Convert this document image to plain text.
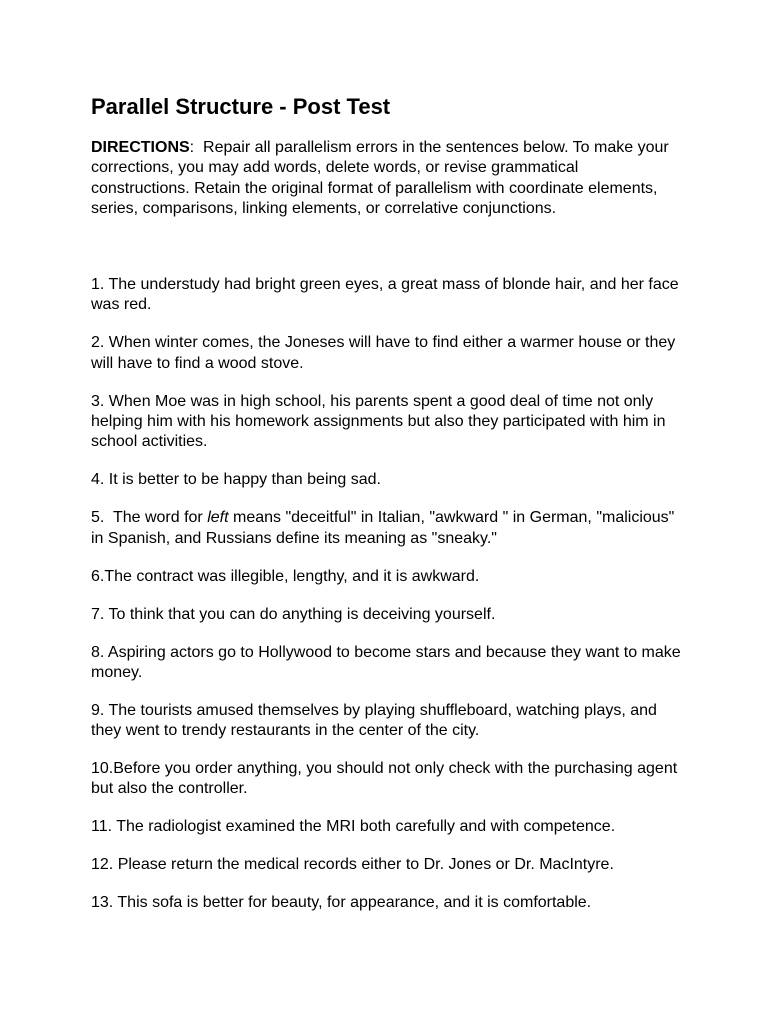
Parallel Structure - Post Test

DIRECTIONS:  Repair all parallelism errors in the sentences below. To make your corrections, you may add words, delete words, or revise grammatical constructions. Retain the original format of parallelism with coordinate elements, series, comparisons, linking elements, or correlative conjunctions.

1. The understudy had bright green eyes, a great mass of blonde hair, and her face was red.

2. When winter comes, the Joneses will have to find either a warmer house or they will have to find a wood stove.

3. When Moe was in high school, his parents spent a good deal of time not only helping him with his homework assignments but also they participated with him in school activities.

4. It is better to be happy than being sad.

5.  The word for left means "deceitful" in Italian, "awkward " in German, "malicious" in Spanish, and Russians define its meaning as "sneaky."

6.The contract was illegible, lengthy, and it is awkward.

7. To think that you can do anything is deceiving yourself.

8. Aspiring actors go to Hollywood to become stars and because they want to make money.

9. The tourists amused themselves by playing shuffleboard, watching plays, and they went to trendy restaurants in the center of the city.

10.Before you order anything, you should not only check with the purchasing agent but also the controller.

11. The radiologist examined the MRI both carefully and with competence.

12. Please return the medical records either to Dr. Jones or Dr. MacIntyre.

13. This sofa is better for beauty, for appearance, and it is comfortable.
